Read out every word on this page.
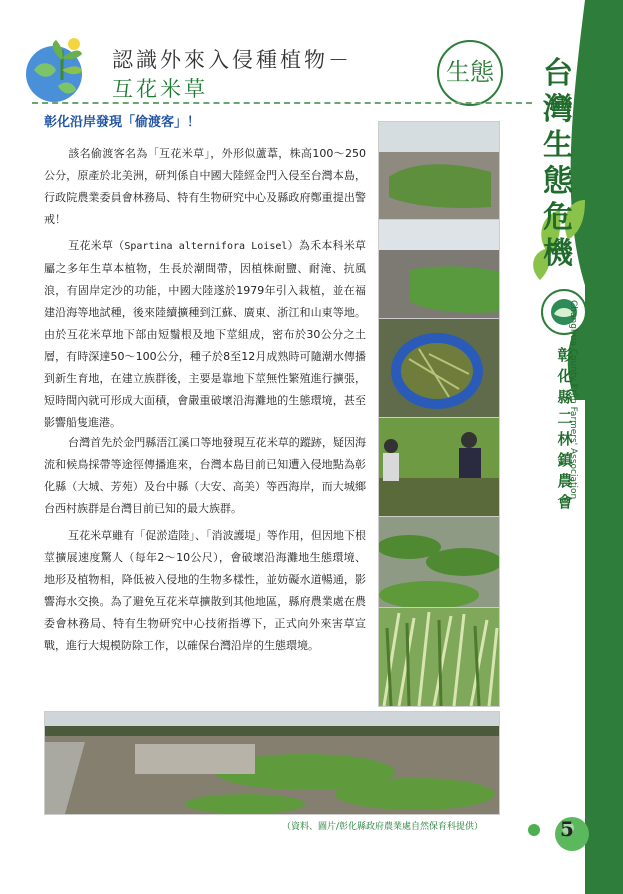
台
灣
生
態
危
機
彰
化
縣
二
林
鎮
農
會
Changhua County Erlin Farmers' Association
認識外來入侵種植物－
互花米草
生態
彰化沿岸發現「偷渡客」！
該名偷渡客名為「互花米草」，外形似蘆葦，株高100～250公分，原產於北美洲，研判係自中國大陸經金門入侵至台灣本島，行政院農業委員會林務局、特有生物研究中心及縣政府鄭重提出警戒！
互花米草（Spartina alternifora Loisel）為禾本科米草屬之多年生草本植物，生長於潮間帶，因植株耐鹽、耐淹、抗風浪，有固岸定沙的功能，中國大陸遂於1979年引入栽植，並在福建沿海等地試種，後來陸續擴種到江蘇、廣東、浙江和山東等地。由於互花米草地下部由短鬚根及地下莖組成，密布於30公分之土層，有時深達50～100公分，種子於8至12月成熟時可隨潮水傳播到新生育地，在建立族群後，主要是靠地下莖無性繁殖進行擴張，短時間內就可形成大面積，會嚴重破壞沿海灘地的生態環境，甚至影響船隻進港。
台灣首先於金門縣浯江溪口等地發現互花米草的蹤跡，疑因海流和候鳥採帶等途徑傳播進來，台灣本島目前已知遭入侵地點為彰化縣（大城、芳苑）及台中縣（大安、高美）等西海岸，而大城鄉台西村族群是台灣目前已知的最大族群。
互花米草雖有「促淤造陸」、「消波護堤」等作用，但因地下根莖擴展速度驚人（每年2～10公尺），會破壞沿海灘地生態環境、地形及植物相，降低被入侵地的生物多樣性，並妨礙水道暢通，影響海水交換。為了避免互花米草擴散到其他地區，縣府農業處在農委會林務局、特有生物研究中心技術指導下，正式向外來害草宣戰，進行大規模防除工作，以確保台灣沿岸的生態環境。
（資料、圖片/彰化縣政府農業處自然保育科提供）	5
